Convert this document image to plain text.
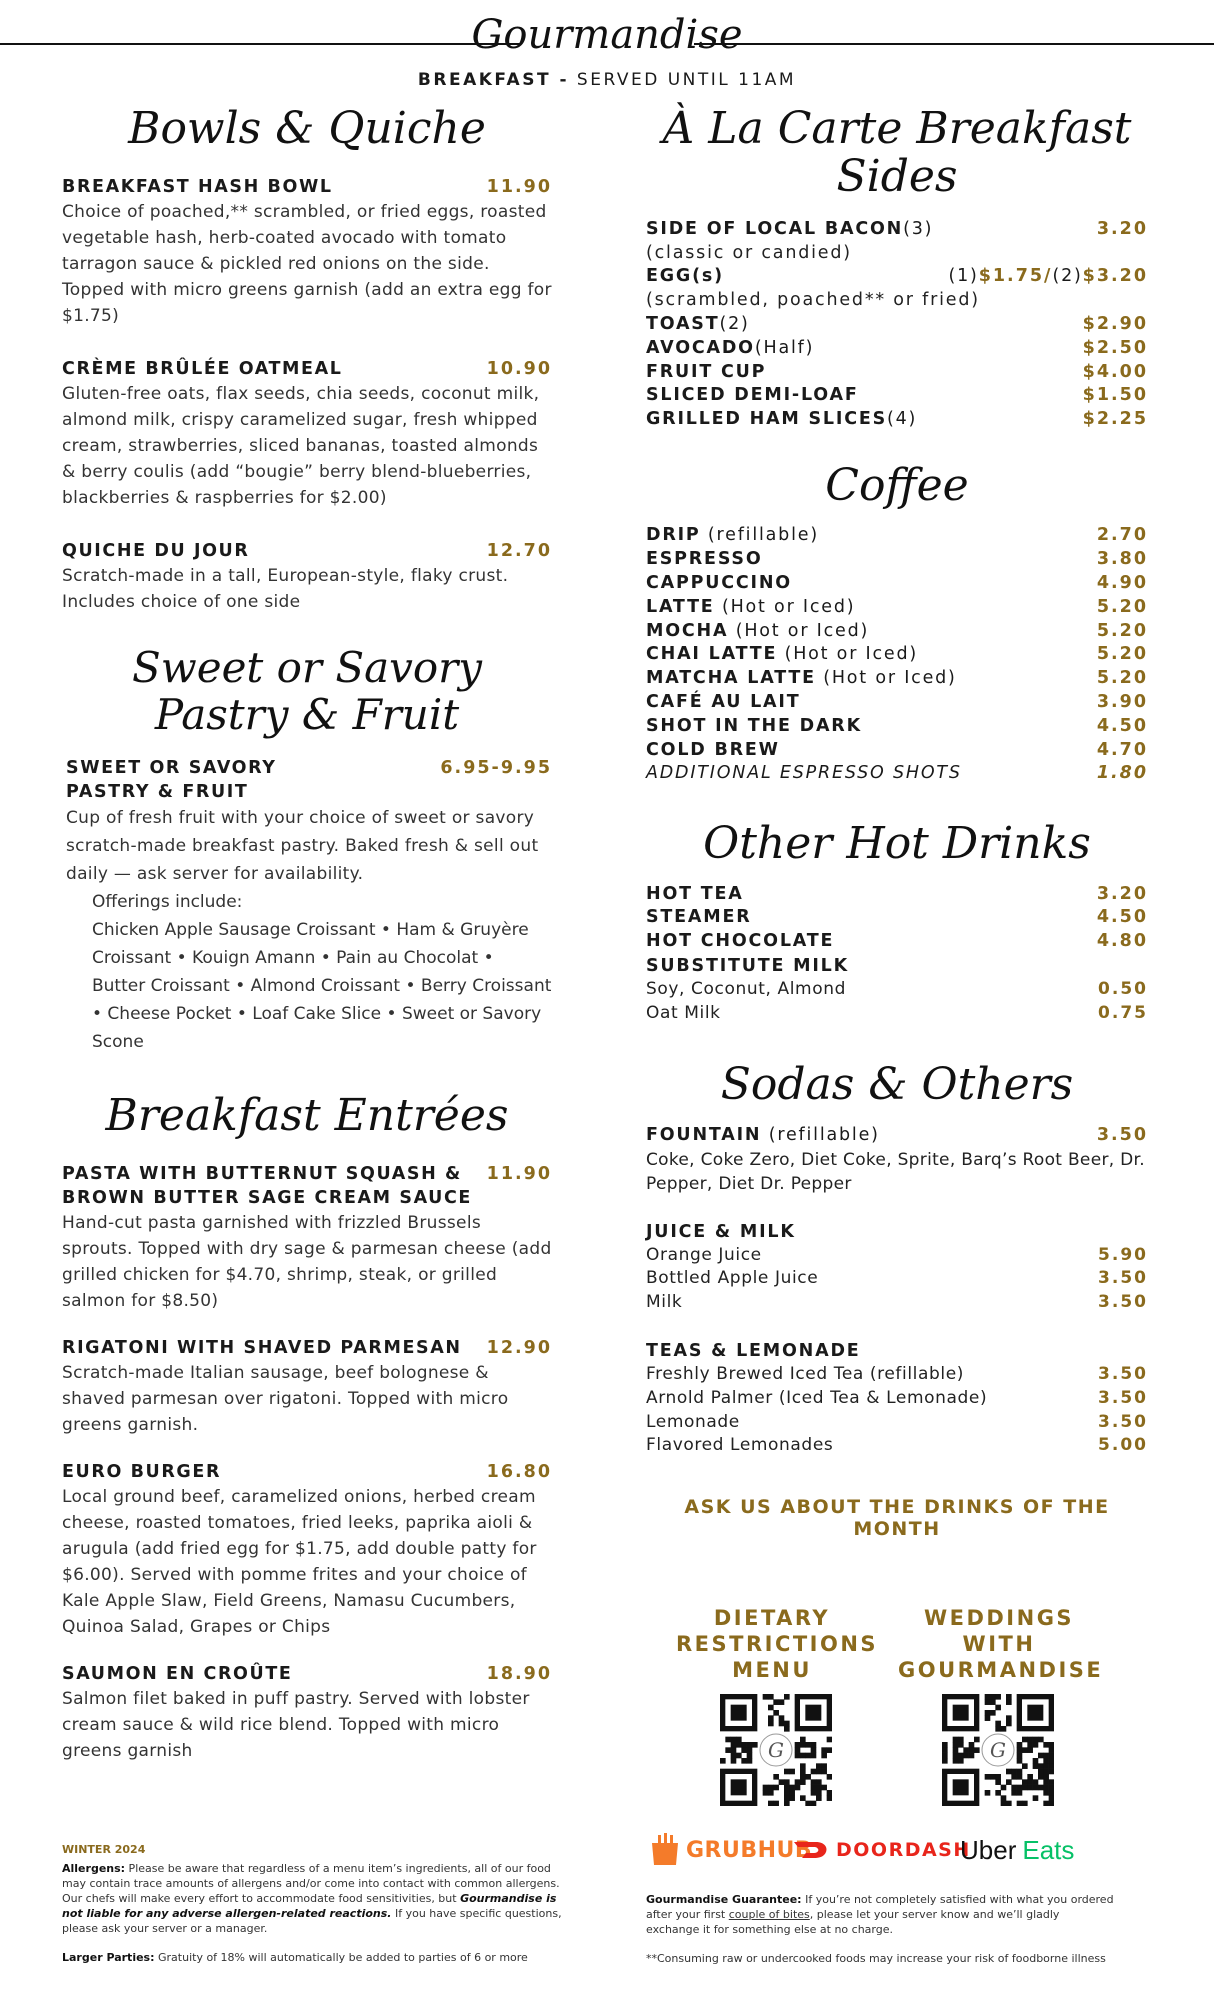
Gourmandise
BREAKFAST - SERVED UNTIL 11AM
Bowls & Quiche
BREAKFAST HASH BOWL	11.90
Choice of poached,** scrambled, or fried eggs, roasted vegetable hash, herb-coated avocado with tomato tarragon sauce & pickled red onions on the side. Topped with micro greens garnish (add an extra egg for $1.75)
CRÈME BRÛLÉE OATMEAL	10.90
Gluten-free oats, flax seeds, chia seeds, coconut milk, almond milk, crispy caramelized sugar, fresh whipped cream, strawberries, sliced bananas, toasted almonds & berry coulis (add “bougie” berry blend-blueberries, blackberries & raspberries for $2.00)
QUICHE DU JOUR	12.70
Scratch-made in a tall, European-style, flaky crust. Includes choice of one side
Sweet or Savory Pastry & Fruit
SWEET OR SAVORY
PASTRY & FRUIT
6.95-9.95
Cup of fresh fruit with your choice of sweet or savory scratch-made breakfast pastry. Baked fresh & sell out daily — ask server for availability.
Offerings include:
Chicken Apple Sausage Croissant • Ham & Gruyère Croissant • Kouign Amann • Pain au Chocolat • Butter Croissant • Almond Croissant • Berry Croissant • Cheese Pocket • Loaf Cake Slice • Sweet or Savory Scone
Breakfast Entrées
PASTA WITH BUTTERNUT SQUASH & BROWN BUTTER SAGE CREAM SAUCE
11.90
Hand-cut pasta garnished with frizzled Brussels sprouts. Topped with dry sage & parmesan cheese (add grilled chicken for $4.70, shrimp, steak, or grilled salmon for $8.50)
RIGATONI WITH SHAVED PARMESAN 12.90
Scratch-made Italian sausage, beef bolognese & shaved parmesan over rigatoni. Topped with micro greens garnish.
EURO BURGER	16.80
Local ground beef, caramelized onions, herbed cream cheese, roasted tomatoes, fried leeks, paprika aioli & arugula (add fried egg for $1.75, add double patty for $6.00). Served with pomme frites and your choice of Kale Apple Slaw, Field Greens, Namasu Cucumbers, Quinoa Salad, Grapes or Chips
SAUMON EN CROÛTE	18.90
Salmon filet baked in puff pastry. Served with lobster cream sauce & wild rice blend. Topped with micro greens garnish
À La Carte Breakfast Sides
SIDE OF LOCAL BACON(3)	3.20
(classic or candied)
EGG(s)	(1)$1.75/(2)$3.20
(scrambled, poached** or fried)
TOAST(2)	$2.90
AVOCADO(Half)	$2.50
FRUIT CUP	$4.00
SLICED DEMI-LOAF	$1.50
GRILLED HAM SLICES(4)	$2.25
Coffee
DRIP (refillable)	2.70
ESPRESSO	3.80
CAPPUCCINO	4.90
LATTE (Hot or Iced)	5.20
MOCHA (Hot or Iced)	5.20
CHAI LATTE (Hot or Iced)	5.20
MATCHA LATTE (Hot or Iced)	5.20
CAFÉ AU LAIT	3.90
SHOT IN THE DARK	4.50
COLD BREW	4.70
ADDITIONAL ESPRESSO SHOTS	1.80
Other Hot Drinks
HOT TEA	3.20
STEAMER	4.50
HOT CHOCOLATE	4.80
SUBSTITUTE MILK
Soy, Coconut, Almond	0.50
Oat Milk	0.75
Sodas & Others
FOUNTAIN (refillable)	3.50
Coke, Coke Zero, Diet Coke, Sprite, Barq’s Root Beer, Dr. Pepper, Diet Dr. Pepper
JUICE & MILK
Orange Juice	5.90
Bottled Apple Juice	3.50
Milk	3.50
TEAS & LEMONADE
Freshly Brewed Iced Tea (refillable)	3.50
Arnold Palmer (Iced Tea & Lemonade)	3.50
Lemonade	3.50
Flavored Lemonades	5.00
ASK US ABOUT THE DRINKS OF THE MONTH
DIETARY
RESTRICTIONS
MENU
WEDDINGS
WITH
GOURMANDISE
G	G
GRUBHUB DOORDASH
Uber Eats
WINTER 2024
Allergens: Please be aware that regardless of a menu item’s ingredients, all of our food may contain trace amounts of allergens and/or come into contact with common allergens. Our chefs will make every effort to accommodate food sensitivities, but Gourmandise is not liable for any adverse allergen-related reactions. If you have specific questions, please ask your server or a manager.
Larger Parties: Gratuity of 18% will automatically be added to parties of 6 or more
Gourmandise Guarantee: If you’re not completely satisfied with what you ordered after your first couple of bites, please let your server know and we’ll gladly exchange it for something else at no charge.
**Consuming raw or undercooked foods may increase your risk of foodborne illness
